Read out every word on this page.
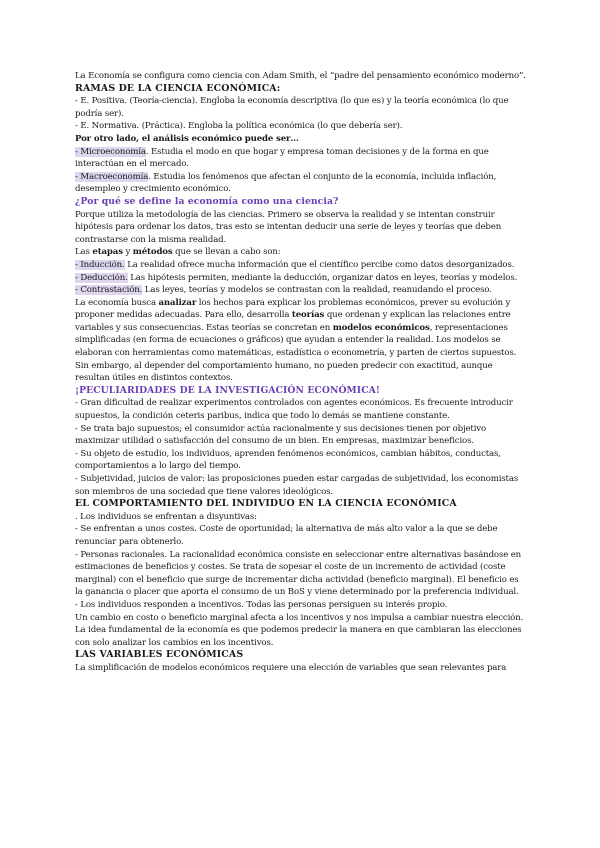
La Economía se configura como ciencia con Adam Smith, el “padre del pensamiento económico moderno”.

RAMAS DE LA CIENCIA ECONÓMICA:

- E. Positiva. (Teoría-ciencia). Engloba la economía descriptiva (lo que es) y la teoría económica (lo que podría ser).

- E. Normativa. (Práctica). Engloba la política económica (lo que debería ser).

Por otro lado, el análisis económico puede ser…

- Microeconomía. Estudia el modo en que hogar y empresa toman decisiones y de la forma en que interactúan en el mercado.

- Macroeconomía. Estudia los fenómenos que afectan el conjunto de la economía, incluida inflación, desempleo y crecimiento económico.

¿Por qué se define la economía como una ciencia?

Porque utiliza la metodología de las ciencias. Primero se observa la realidad y se intentan construir hipótesis para ordenar los datos, tras esto se intentan deducir una serie de leyes y teorías que deben contrastarse con la misma realidad.

Las etapas y métodos que se llevan a cabo son:

- Inducción. La realidad ofrece mucha información que el científico percibe como datos desorganizados.

- Deducción. Las hipótesis permiten, mediante la deducción, organizar datos en leyes, teorías y modelos.

- Contrastación. Las leyes, teorías y modelos se contrastan con la realidad, reanudando el proceso.

La economía busca analizar los hechos para explicar los problemas económicos, prever su evolución y proponer medidas adecuadas. Para ello, desarrolla teorías que ordenan y explican las relaciones entre variables y sus consecuencias. Estas teorías se concretan en modelos económicos, representaciones simplificadas (en forma de ecuaciones o gráficos) que ayudan a entender la realidad. Los modelos se elaboran con herramientas como matemáticas, estadística o econometría, y parten de ciertos supuestos. Sin embargo, al depender del comportamiento humano, no pueden predecir con exactitud, aunque resultan útiles en distintos contextos.

¡PECULIARIDADES DE LA INVESTIGACIÓN ECONÓMICA!

- Gran dificultad de realizar experimentos controlados con agentes económicos. Es frecuente introducir supuestos, la condición ceteris paribus, indica que todo lo demás se mantiene constante.

- Se trata bajo supuestos; el consumidor actúa racionalmente y sus decisiones tienen por objetivo maximizar utilidad o satisfacción del consumo de un bien. En empresas, maximizar beneficios.

- Su objeto de estudio, los individuos, aprenden fenómenos económicos, cambian hábitos, conductas, comportamientos a lo largo del tiempo.

- Subjetividad, juicios de valor: las proposiciones pueden estar cargadas de subjetividad, los economistas son miembros de una sociedad que tiene valores ideológicos.

EL COMPORTAMIENTO DEL INDIVIDUO EN LA CIENCIA ECONÓMICA

. Los individuos se enfrentan a disyuntivas:

- Se enfrentan a unos costes. Coste de oportunidad; la alternativa de más alto valor a la que se debe renunciar para obtenerlo.

- Personas racionales. La racionalidad económica consiste en seleccionar entre alternativas basándose en estimaciones de beneficios y costes. Se trata de sopesar el coste de un incremento de actividad (coste marginal) con el beneficio que surge de incrementar dicha actividad (beneficio marginal). El beneficio es la ganancia o placer que aporta el consumo de un BoS y viene determinado por la preferencia individual.

- Los individuos responden a incentivos. Todas las personas persiguen su interés propio.

Un cambio en costo o beneficio marginal afecta a los incentivos y nos impulsa a cambiar nuestra elección. La idea fundamental de la economía es que podemos predecir la manera en que cambiaran las elecciones con solo analizar los cambios en los incentivos.

LAS VARIABLES ECONÓMICAS

La simplificación de modelos económicos requiere una elección de variables que sean relevantes para
